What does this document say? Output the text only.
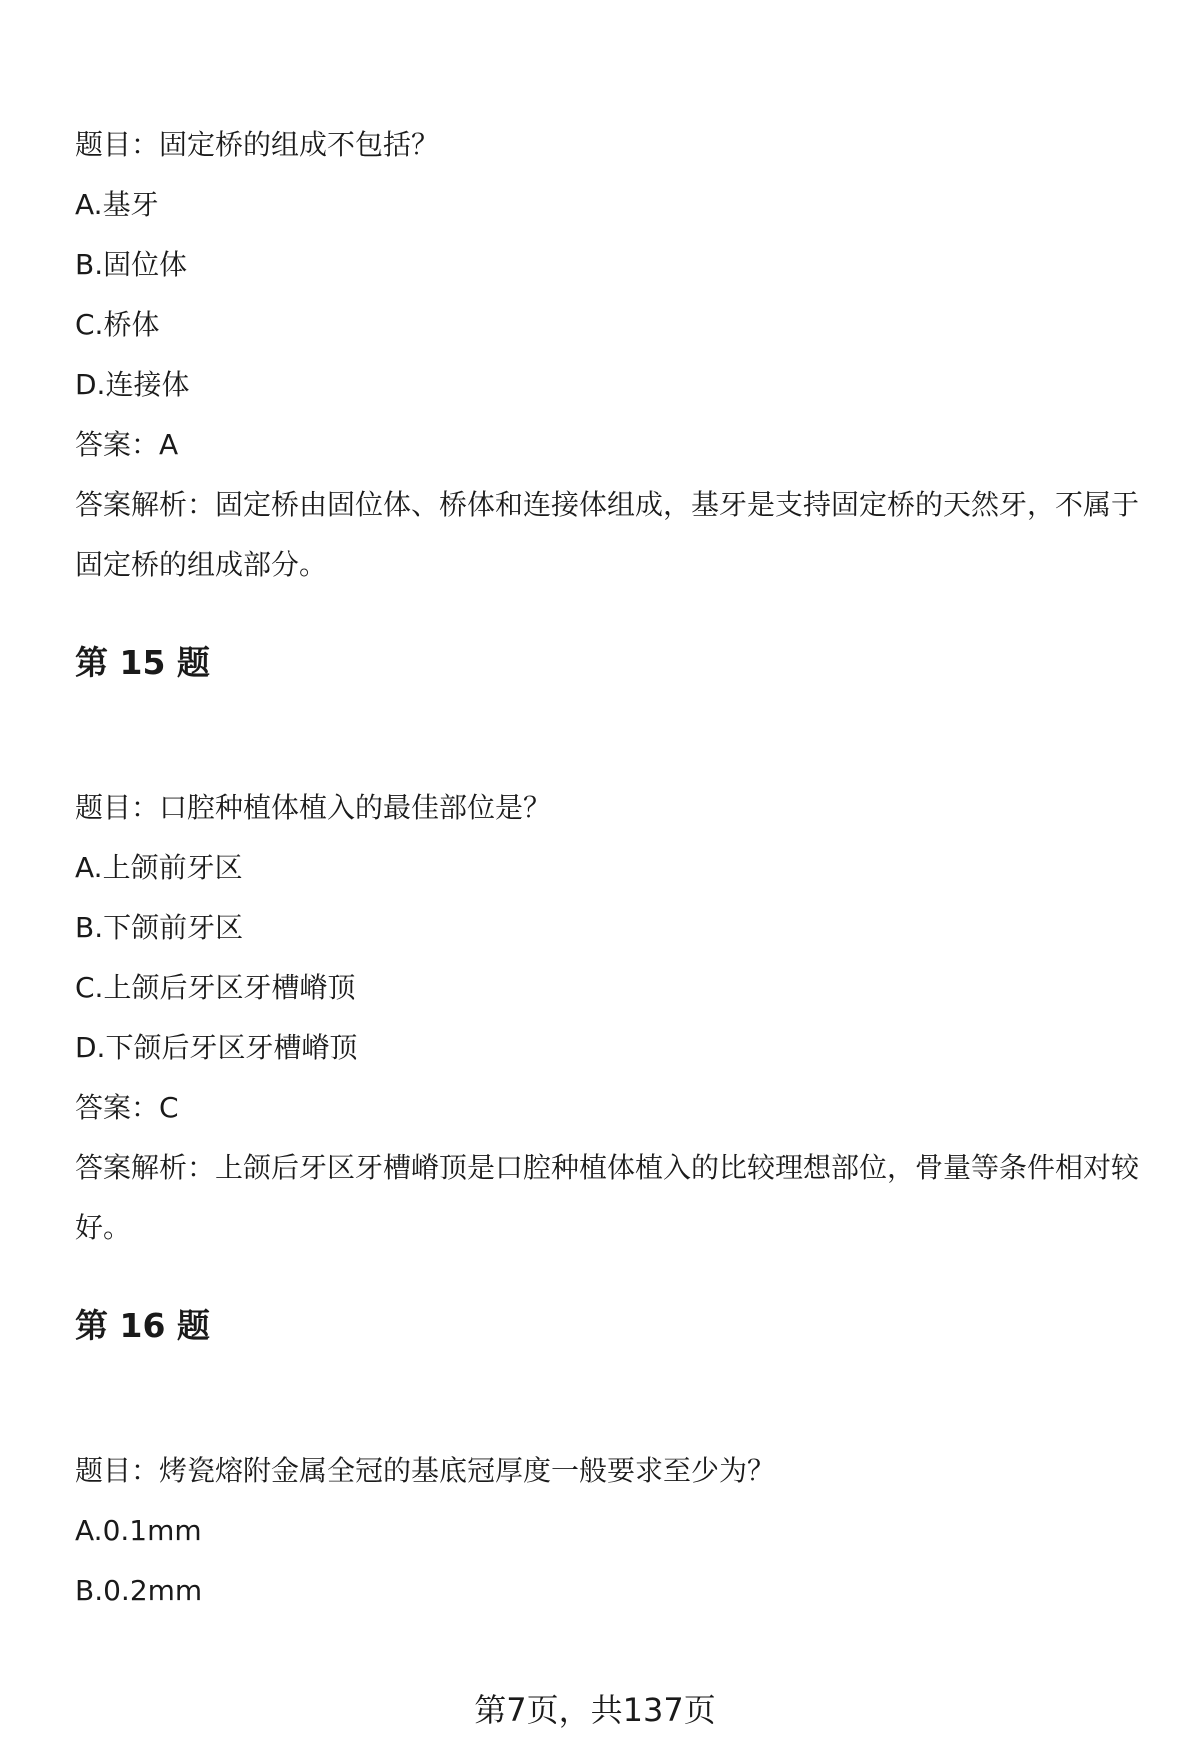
题目：固定桥的组成不包括？
A.基牙
B.固位体
C.桥体
D.连接体
答案：A
答案解析：固定桥由固位体、桥体和连接体组成，基牙是支持固定桥的天然牙，不属于固定桥的组成部分。
第 15 题
题目：口腔种植体植入的最佳部位是？
A.上颌前牙区
B.下颌前牙区
C.上颌后牙区牙槽嵴顶
D.下颌后牙区牙槽嵴顶
答案：C
答案解析：上颌后牙区牙槽嵴顶是口腔种植体植入的比较理想部位，骨量等条件相对较好。
第 16 题
题目：烤瓷熔附金属全冠的基底冠厚度一般要求至少为？
A.0.1mm
B.0.2mm
第7页，共137页
